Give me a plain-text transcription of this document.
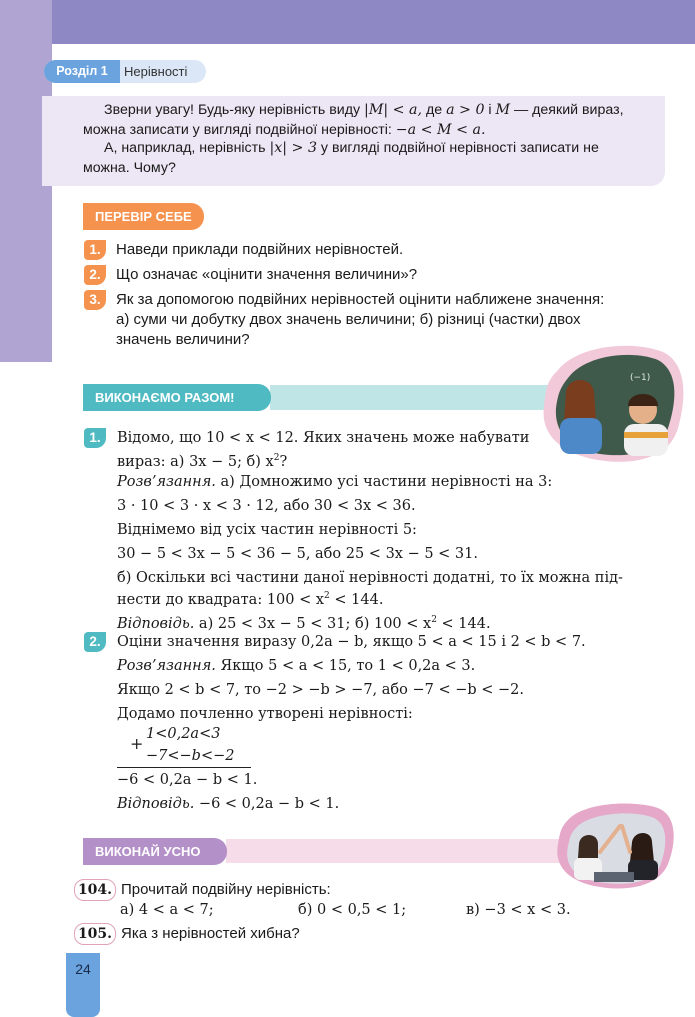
Розділ 1	Нерівності
Зверни увагу! Будь-яку нерівність виду |M| < a, де a > 0 і M — деякий вираз,
можна записати у вигляді подвійної нерівності: −a < M < a.
А, наприклад, нерівність |x| > 3 у вигляді подвійної нерівності записати не
можна. Чому?
ПЕРЕВІР СЕБЕ
1.	Наведи приклади подвійних нерівностей.
2.	Що означає «оцінити значення величини»?
3.	Як за допомогою подвійних нерівностей оцінити наближене значення:
а) суми чи добутку двох значень величини; б) різниці (частки) двох
значень величини?
ВИКОНАЄМО РАЗОМ!
(−1)
1.	Відомо, що 10 < x < 12. Яких значень може набувати
вираз: а) 3x − 5; б) $x^2$?
Розв’язання. а) Домножимо усі частини нерівності на 3:
3 · 10 < 3 · x < 3 · 12, або 30 < 3x < 36.
Віднімемо від усіх частин нерівності 5:
30 − 5 < 3x − 5 < 36 − 5, або 25 < 3x − 5 < 31.
б) Оскільки всі частини даної нерівності додатні, то їх можна під-
нести до квадрата: $100 < x^2 < 144$.
Відповідь. а) 25 < 3x − 5 < 31; б) $100 < x^2 < 144$.
2.	Оціни значення виразу 0,2a − b, якщо 5 < a < 15 і 2 < b < 7.
Розв’язання. Якщо 5 < a < 15, то 1 < 0,2a < 3.
Якщо 2 < b < 7, то −2 > −b > −7, або −7 < −b < −2.
Додамо почленно утворені нерівності:
+ 1<0,2a<3
−7<−b<−2
−6 < 0,2a − b < 1.
Відповідь. −6 < 0,2a − b < 1.
ВИКОНАЙ УСНО
104. Прочитай подвійну нерівність:
а) 4 < a < 7;	б) 0 < 0,5 < 1;	в) −3 < x < 3.
105. Яка з нерівностей хибна?
24
